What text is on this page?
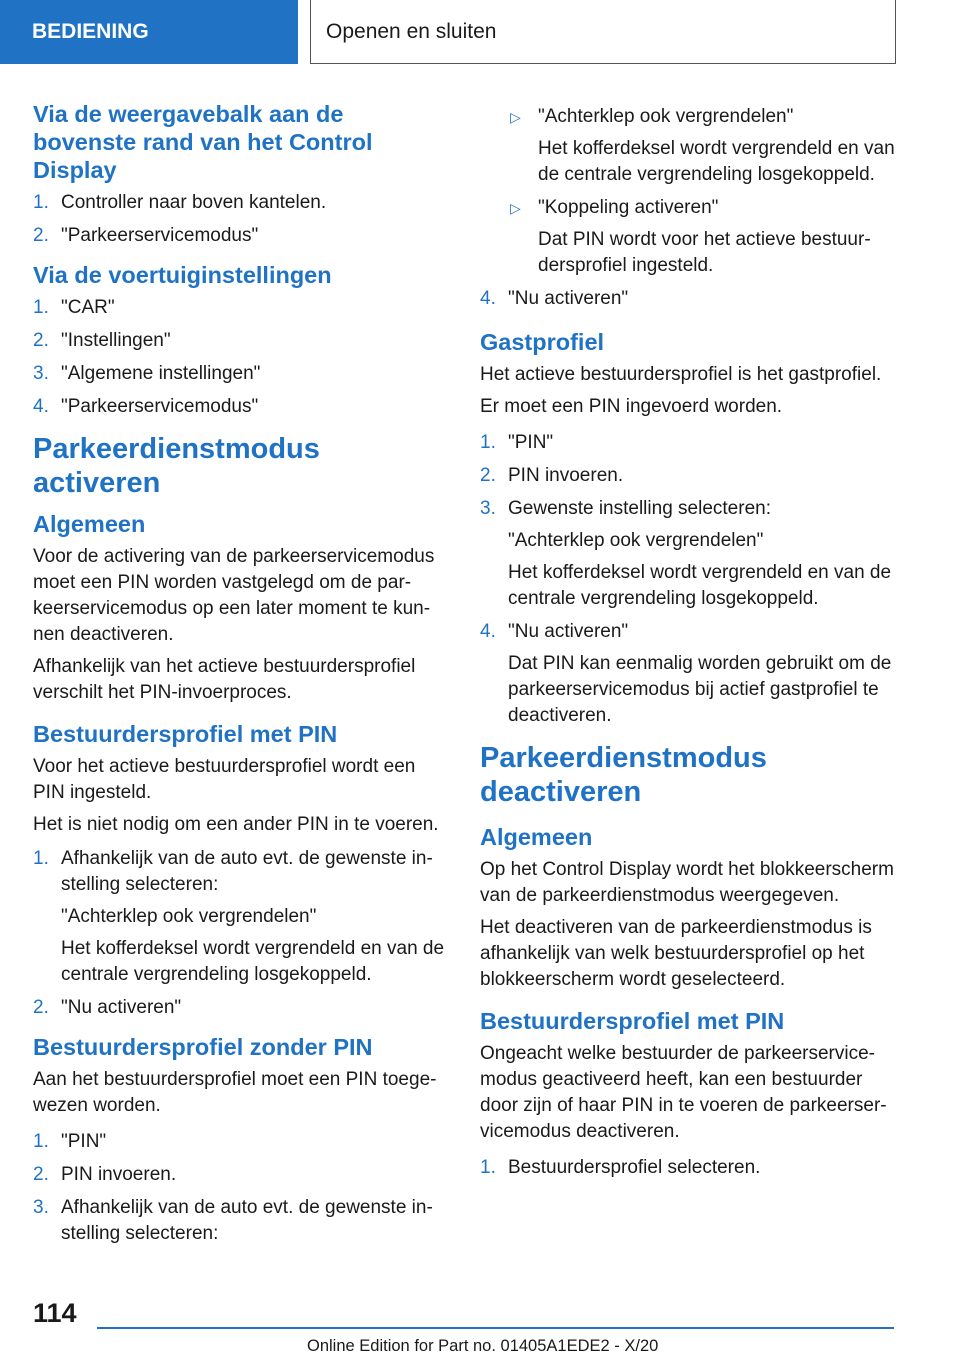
BEDIENING	Openen en sluiten
Via de weergavebalk aan de bovenste rand van het Control Display
1. Controller naar boven kantelen.
2. "Parkeerservicemodus"
Via de voertuiginstellingen
1. "CAR"
2. "Instellingen"
3. "Algemene instellingen"
4. "Parkeerservicemodus"
Parkeerdienstmodus activeren
Algemeen
Voor de activering van de parkeerservicemodus moet een PIN worden vastgelegd om de parkeerservicemodus op een later moment te kunnen deactiveren.
Afhankelijk van het actieve bestuurdersprofiel verschilt het PIN-invoerproces.
Bestuurdersprofiel met PIN
Voor het actieve bestuurdersprofiel wordt een PIN ingesteld.
Het is niet nodig om een ander PIN in te voeren.
1. Afhankelijk van de auto evt. de gewenste instelling selecteren:
"Achterklep ook vergrendelen"
Het kofferdeksel wordt vergrendeld en van de centrale vergrendeling losgekoppeld.
2. "Nu activeren"
Bestuurdersprofiel zonder PIN
Aan het bestuurdersprofiel moet een PIN toegewezen worden.
1. "PIN"
2. PIN invoeren.
3. Afhankelijk van de auto evt. de gewenste instelling selecteren:
▷ "Achterklep ook vergrendelen"
Het kofferdeksel wordt vergrendeld en van de centrale vergrendeling losgekoppeld.
▷ "Koppeling activeren"
Dat PIN wordt voor het actieve bestuurdersprofiel ingesteld.
4. "Nu activeren"
Gastprofiel
Het actieve bestuurdersprofiel is het gastprofiel.
Er moet een PIN ingevoerd worden.
1. "PIN"
2. PIN invoeren.
3. Gewenste instelling selecteren:
"Achterklep ook vergrendelen"
Het kofferdeksel wordt vergrendeld en van de centrale vergrendeling losgekoppeld.
4. "Nu activeren"
Dat PIN kan eenmalig worden gebruikt om de parkeerservicemodus bij actief gastprofiel te deactiveren.
Parkeerdienstmodus deactiveren
Algemeen
Op het Control Display wordt het blokkeerscherm van de parkeerdienstmodus weergegeven.
Het deactiveren van de parkeerdienstmodus is afhankelijk van welk bestuurdersprofiel op het blokkeerscherm wordt geselecteerd.
Bestuurdersprofiel met PIN
Ongeacht welke bestuurder de parkeerservicemodus geactiveerd heeft, kan een bestuurder door zijn of haar PIN in te voeren de parkeerservicemodus deactiveren.
1. Bestuurdersprofiel selecteren.
114
Online Edition for Part no. 01405A1EDE2 - X/20
